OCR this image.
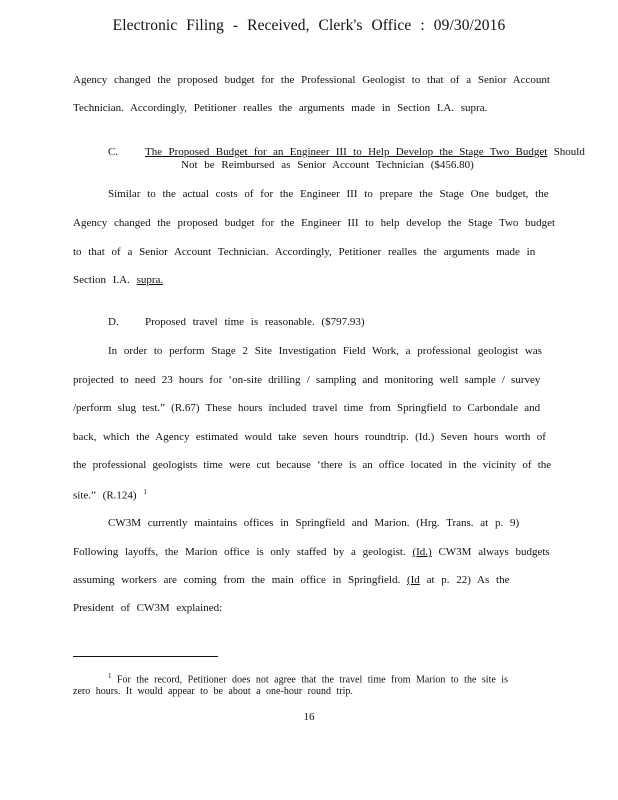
Electronic Filing - Received, Clerk's Office : 09/30/2016
Agency changed the proposed budget for the Professional Geologist to that of a Senior Account
Technician. Accordingly, Petitioner realles the arguments made in Section I.A. supra.
C. The Proposed Budget for an Engineer III to Help Develop the Stage Two Budget Should
Not be Reimbursed as Senior Account Technician ($456.80)
Similar to the actual costs of for the Engineer III to prepare the Stage One budget, the
Agency changed the proposed budget for the Engineer III to help develop the Stage Two budget
to that of a Senior Account Technician. Accordingly, Petitioner realles the arguments made in
Section I.A. supra.
D. Proposed travel time is reasonable. ($797.93)
In order to perform Stage 2 Site Investigation Field Work, a professional geologist was
projected to need 23 hours for ‘on-site drilling / sampling and monitoring well sample / survey
/perform slug test.” (R.67) These hours included travel time from Springfield to Carbondale and
back, which the Agency estimated would take seven hours roundtrip. (Id.) Seven hours worth of
the professional geologists time were cut because ‘there is an office located in the vicinity of the
site.” (R.124) $^1$
CW3M currently maintains offices in Springfield and Marion. (Hrg. Trans. at p. 9)
Following layoffs, the Marion office is only staffed by a geologist. (Id.) CW3M always budgets
assuming workers are coming from the main office in Springfield. (Id at p. 22) As the
President of CW3M explained:
$^1$ For the record, Petitioner does not agree that the travel time from Marion to the site is
zero hours. It would appear to be about a one-hour round trip.
16
